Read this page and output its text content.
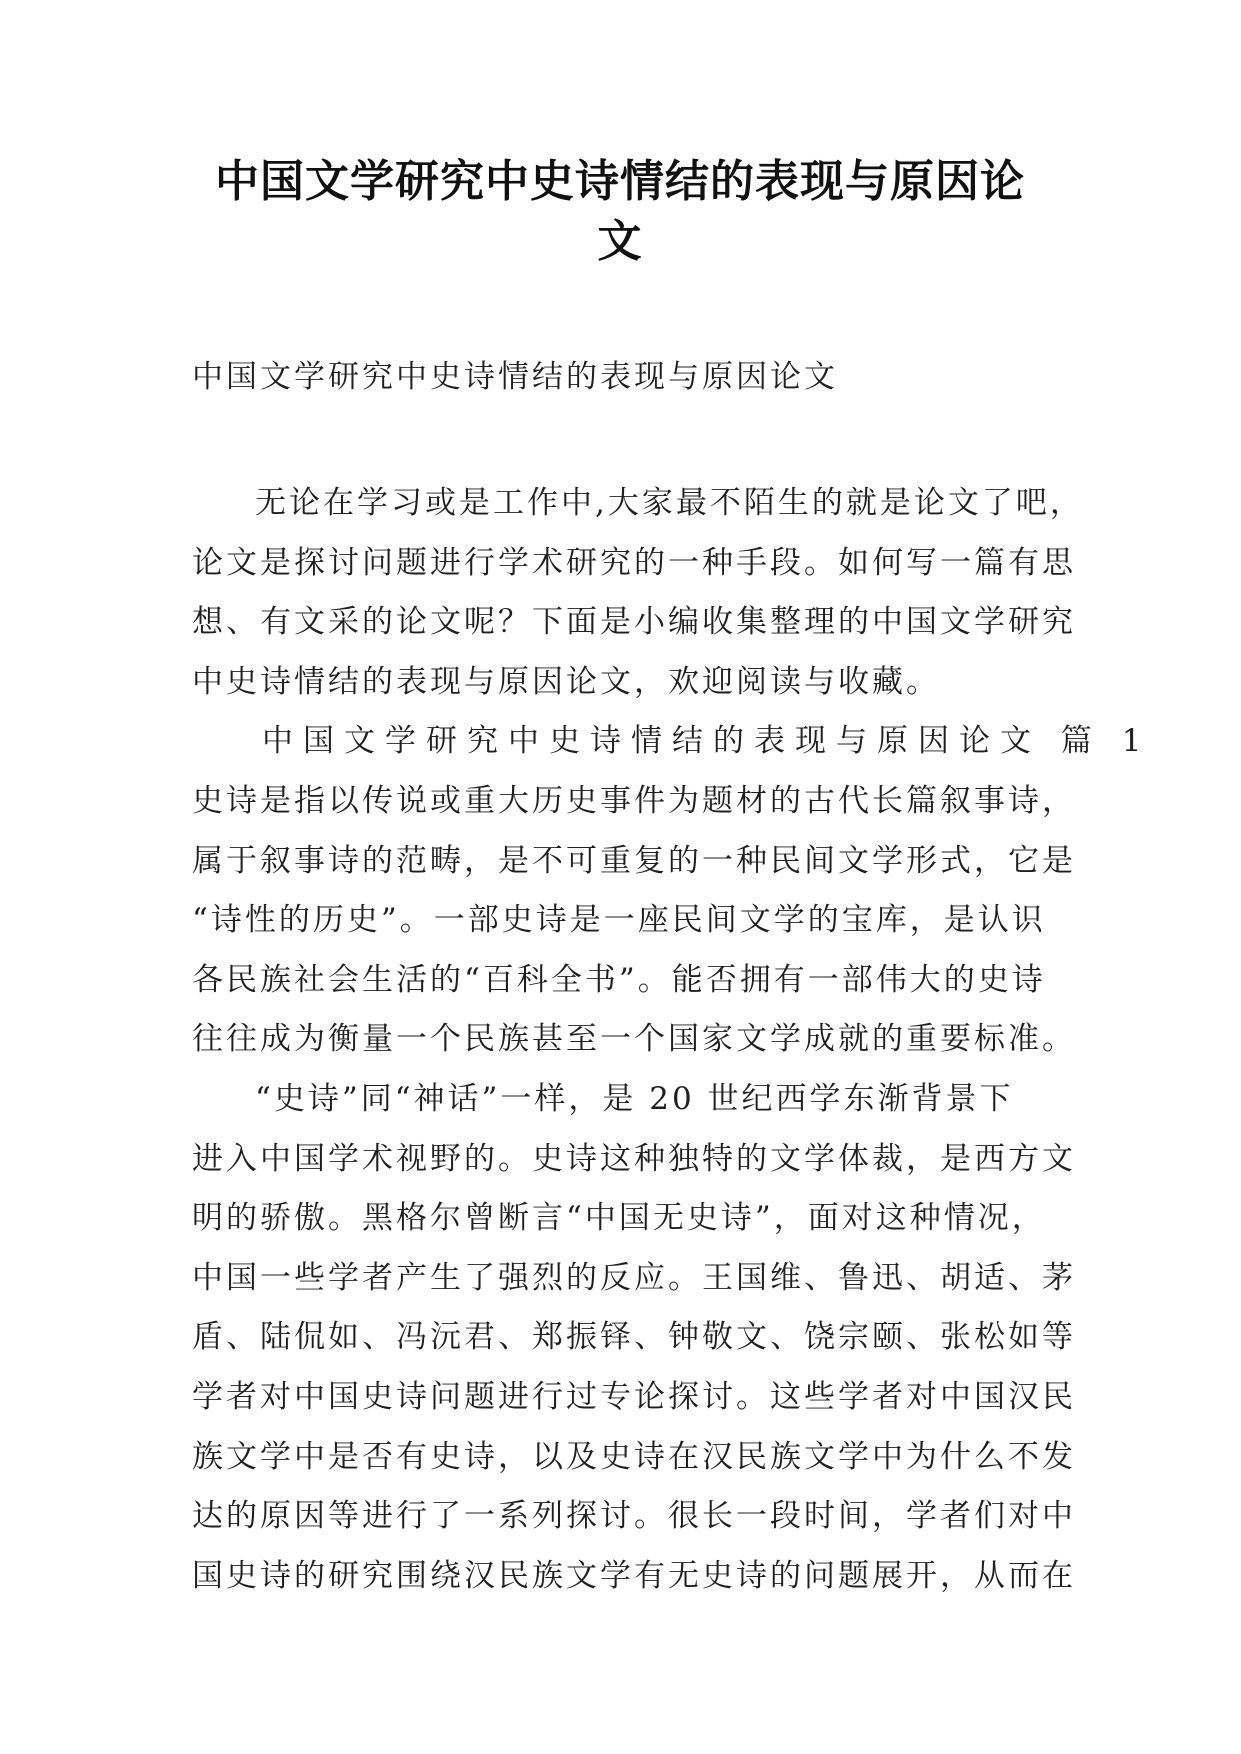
中国文学研究中史诗情结的表现与原因论
文
中国文学研究中史诗情结的表现与原因论文
无论在学习或是工作中,大家最不陌生的就是论文了吧，
论文是探讨问题进行学术研究的一种手段。如何写一篇有思
想、有文采的论文呢？下面是小编收集整理的中国文学研究
中史诗情结的表现与原因论文，欢迎阅读与收藏。
中国文学研究中史诗情结的表现与原因论文 篇 1
史诗是指以传说或重大历史事件为题材的古代长篇叙事诗，
属于叙事诗的范畴，是不可重复的一种民间文学形式，它是
“诗性的历史”。一部史诗是一座民间文学的宝库，是认识
各民族社会生活的“百科全书”。能否拥有一部伟大的史诗
往往成为衡量一个民族甚至一个国家文学成就的重要标准。
“史诗”同“神话”一样，是 20 世纪西学东渐背景下
进入中国学术视野的。史诗这种独特的文学体裁，是西方文
明的骄傲。黑格尔曾断言“中国无史诗”，面对这种情况，
中国一些学者产生了强烈的反应。王国维、鲁迅、胡适、茅
盾、陆侃如、冯沅君、郑振铎、钟敬文、饶宗颐、张松如等
学者对中国史诗问题进行过专论探讨。这些学者对中国汉民
族文学中是否有史诗，以及史诗在汉民族文学中为什么不发
达的原因等进行了一系列探讨。很长一段时间，学者们对中
国史诗的研究围绕汉民族文学有无史诗的问题展开，从而在
